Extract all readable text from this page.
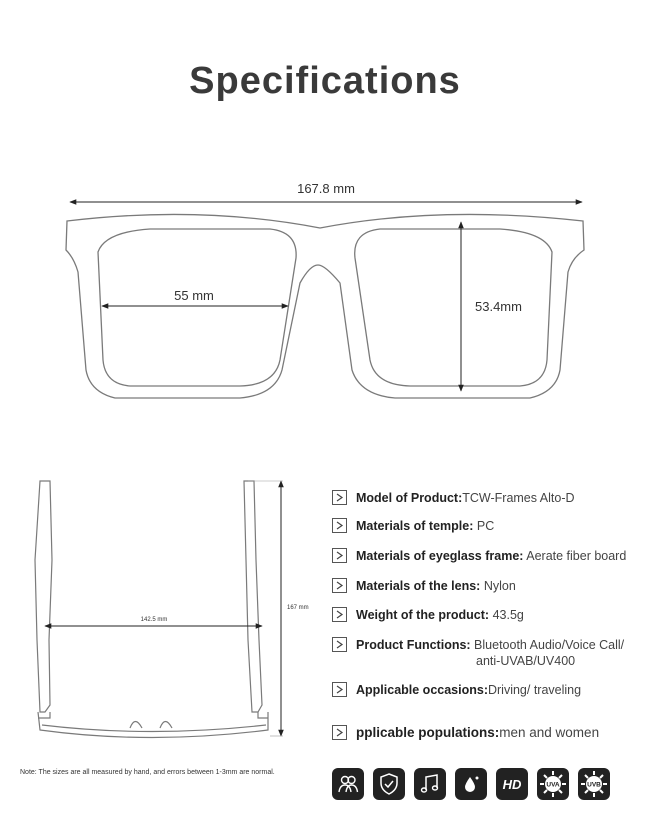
Specifications
167.8 mm
55 mm
53.4mm
142.5 mm
167 mm
Model of Product:TCW-Frames Alto-D
Materials of temple: PC
Materials of eyeglass frame: Aerate fiber board
Materials of the lens: Nylon
Weight of the product: 43.5g
Product Functions: Bluetooth Audio/Voice Call/
anti-UVAB/UV400
Applicable occasions:Driving/ traveling
pplicable populations:men and women
Note: The sizes are all measured by hand, and errors between 1-3mm are normal.
HD	UVA	UVB
